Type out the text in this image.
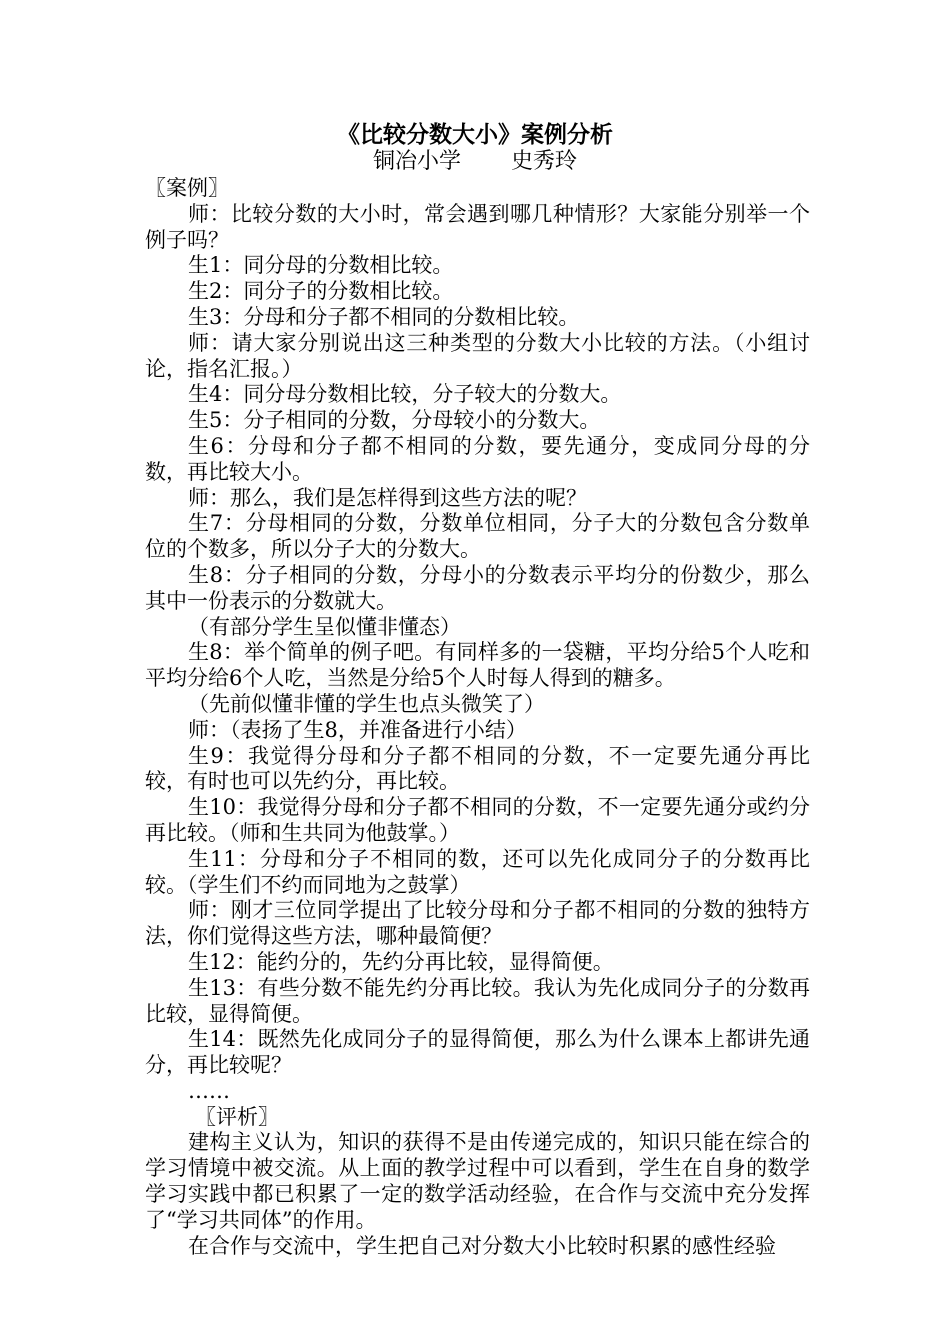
《比较分数大小》案例分析
铜冶小学 史秀玲

〖案例〗

师：比较分数的大小时，常会遇到哪几种情形？大家能分别举一个例子吗？

生1：同分母的分数相比较。

生2：同分子的分数相比较。

生3：分母和分子都不相同的分数相比较。

师：请大家分别说出这三种类型的分数大小比较的方法。（小组讨论，指名汇报。）

生4：同分母分数相比较，分子较大的分数大。

生5：分子相同的分数，分母较小的分数大。

生6：分母和分子都不相同的分数，要先通分，变成同分母的分数，再比较大小。

师：那么，我们是怎样得到这些方法的呢？

生7：分母相同的分数，分数单位相同，分子大的分数包含分数单位的个数多，所以分子大的分数大。

生8：分子相同的分数，分母小的分数表示平均分的份数少，那么其中一份表示的分数就大。

（有部分学生呈似懂非懂态）

生8：举个简单的例子吧。有同样多的一袋糖，平均分给5个人吃和平均分给6个人吃，当然是分给5个人时每人得到的糖多。

（先前似懂非懂的学生也点头微笑了）

师：（表扬了生8，并准备进行小结）

生9：我觉得分母和分子都不相同的分数，不一定要先通分再比较，有时也可以先约分，再比较。

生10：我觉得分母和分子都不相同的分数，不一定要先通分或约分再比较。（师和生共同为他鼓掌。）

生11：分母和分子不相同的数，还可以先化成同分子的分数再比较。（学生们不约而同地为之鼓掌）

师：刚才三位同学提出了比较分母和分子都不相同的分数的独特方法，你们觉得这些方法，哪种最简便？

生12：能约分的，先约分再比较，显得简便。

生13：有些分数不能先约分再比较。我认为先化成同分子的分数再比较，显得简便。

生14：既然先化成同分子的显得简便，那么为什么课本上都讲先通分，再比较呢？

……

〖评析〗

建构主义认为，知识的获得不是由传递完成的，知识只能在综合的学习情境中被交流。从上面的教学过程中可以看到，学生在自身的数学学习实践中都已积累了一定的数学活动经验，在合作与交流中充分发挥了“学习共同体”的作用。

在合作与交流中，学生把自己对分数大小比较时积累的感性经验
